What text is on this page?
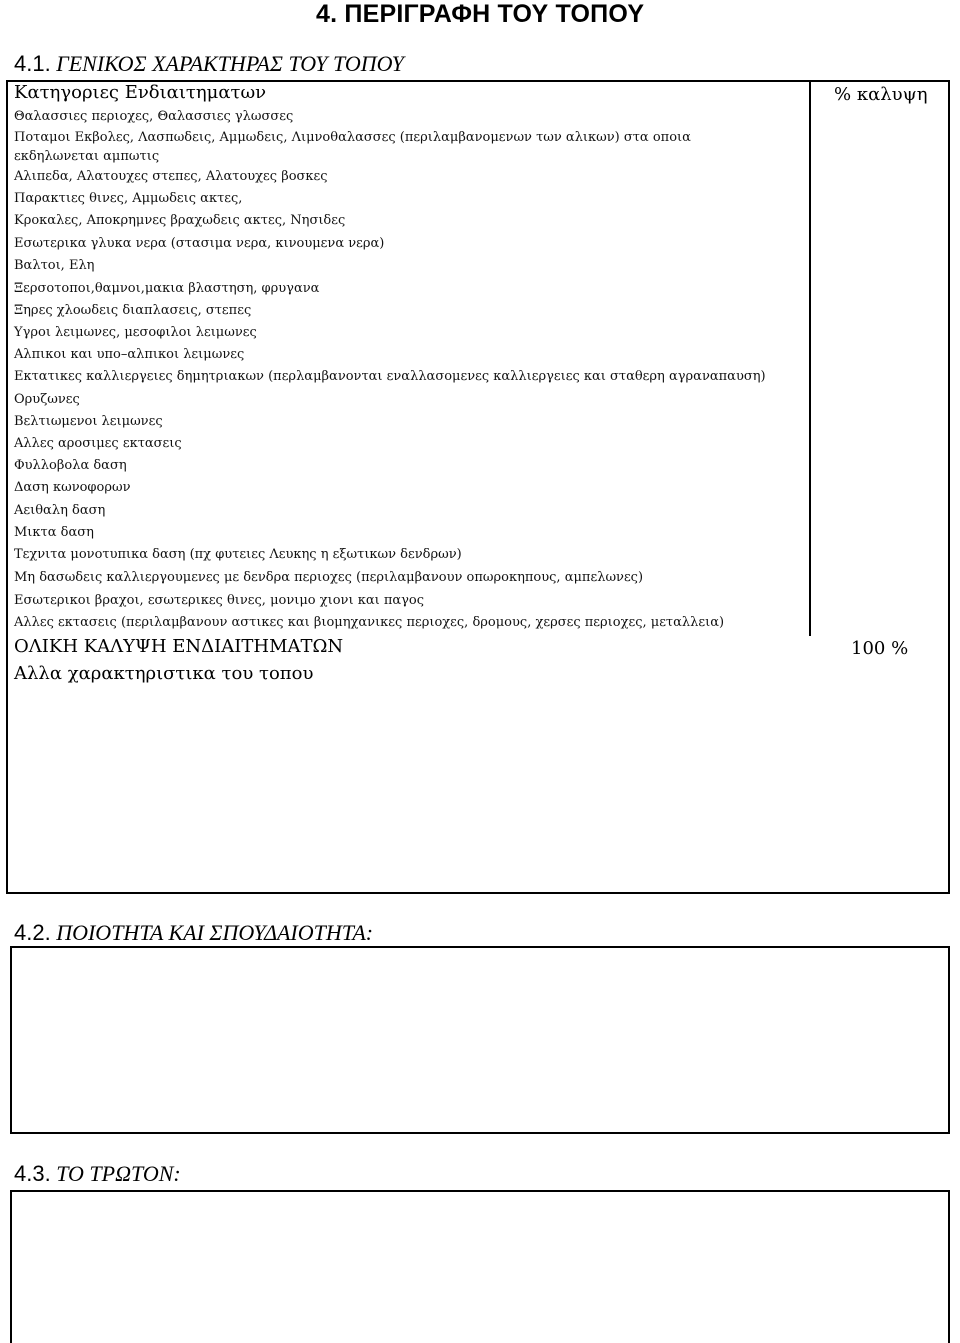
4. ΠΕΡΙΓΡΑΦΗ ΤΟΥ ΤΟΠΟΥ
4.1. ΓΕΝΙΚΟΣ ΧΑΡΑΚΤΗΡΑΣ ΤΟΥ ΤΟΠΟΥ
Κατηγοριες Ενδιαιτηματων	% καλυψη
Θαλασσιες περιοχες, Θαλασσιες γλωσσες
Ποταμοι Εκβολες, Λασπωδεις, Αμμωδεις, Λιμνοθαλασσες (περιλαμβανομενων των αλικων) στα οποια
εκδηλωνεται αμπωτις
Αλιπεδα, Αλατουχες στεπες, Αλατουχες βοσκες
Παρακτιες θινες, Αμμωδεις ακτες,
Κροκαλες, Αποκρημνες βραχωδεις ακτες, Νησιδες
Εσωτερικα γλυκα νερα (στασιμα νερα, κινουμενα νερα)
Βαλτοι, Ελη
Ξερσοτοποι,θαμνοι,μακια βλαστηση, φρυγανα
Ξηρες χλοωδεις διαπλασεις, στεπες
Υγροι λειμωνες, μεσοφιλοι λειμωνες
Αλπικοι και υπο–αλπικοι λειμωνες
Εκτατικες καλλιεργειες δημητριακων (περλαμβανονται εναλλασομενες καλλιεργειες και σταθερη αγραναπαυση)
Ορυζωνες
Βελτιωμενοι λειμωνες
Αλλες αροσιμες εκτασεις
Φυλλοβολα δαση
Δαση κωνοφορων
Αειθαλη δαση
Μικτα δαση
Τεχνιτα μονοτυπικα δαση (πχ φυτειες Λευκης η εξωτικων δενδρων)
Μη δασωδεις καλλιεργουμενες με δενδρα περιοχες (περιλαμβανουν οπωροκηπους, αμπελωνες)
Εσωτερικοι βραχοι, εσωτερικες θινες, μονιμο χιονι και παγος
Αλλες εκτασεις (περιλαμβανουν αστικες και βιομηχανικες περιοχες, δρομους, χερσες περιοχες, μεταλλεια)
ΟΛΙΚΗ ΚΑΛΥΨΗ ΕΝΔΙΑΙΤΗΜΑΤΩΝ	100 %
Αλλα χαρακτηριστικα του τοπου
4.2. ΠΟΙΟΤΗΤΑ ΚΑΙ ΣΠΟΥΔΑΙΟΤΗΤΑ:
4.3. ΤΟ ΤΡΩΤΟΝ:
